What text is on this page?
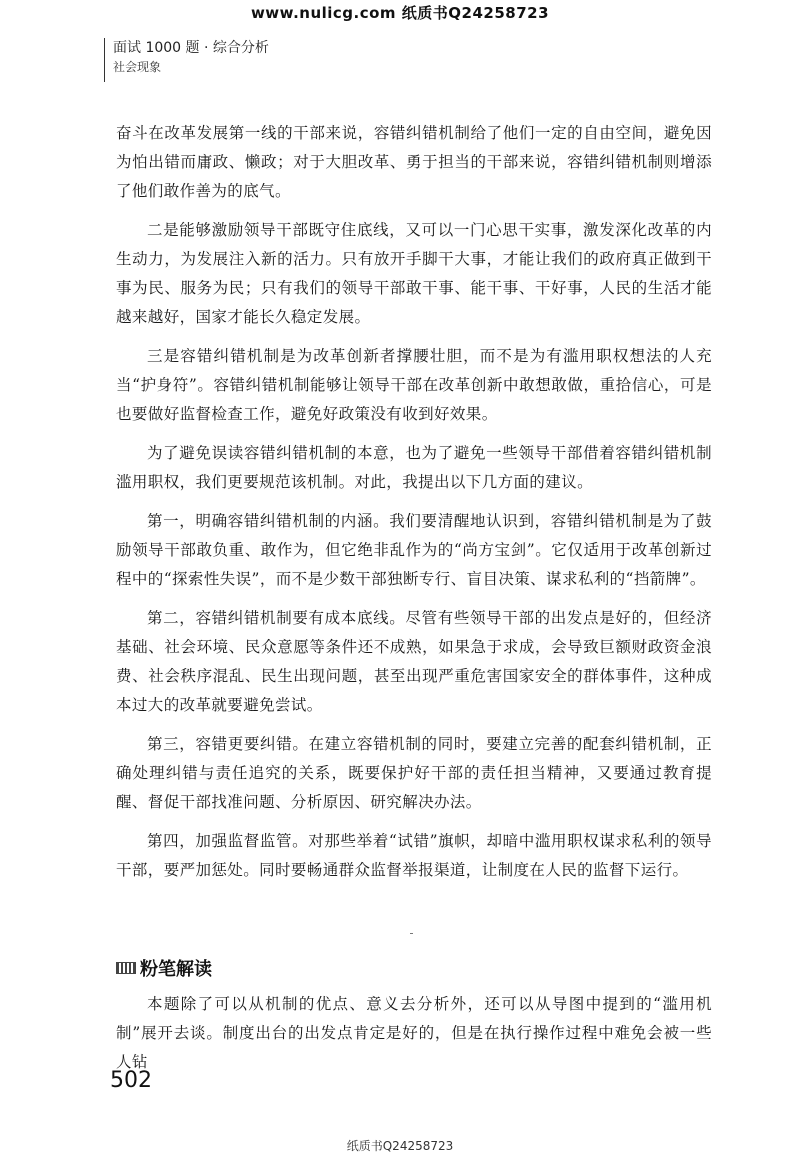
www.nulicg.com 纸质书Q24258723
面试 1000 题 · 综合分析
社会现象

奋斗在改革发展第一线的干部来说，容错纠错机制给了他们一定的自由空间，避免因为怕出错而庸政、懒政；对于大胆改革、勇于担当的干部来说，容错纠错机制则增添了他们敢作善为的底气。

二是能够激励领导干部既守住底线，又可以一门心思干实事，激发深化改革的内生动力，为发展注入新的活力。只有放开手脚干大事，才能让我们的政府真正做到干事为民、服务为民；只有我们的领导干部敢干事、能干事、干好事，人民的生活才能越来越好，国家才能长久稳定发展。

三是容错纠错机制是为改革创新者撑腰壮胆，而不是为有滥用职权想法的人充当“护身符”。容错纠错机制能够让领导干部在改革创新中敢想敢做，重拾信心，可是也要做好监督检查工作，避免好政策没有收到好效果。

为了避免误读容错纠错机制的本意，也为了避免一些领导干部借着容错纠错机制滥用职权，我们更要规范该机制。对此，我提出以下几方面的建议。

第一，明确容错纠错机制的内涵。我们要清醒地认识到，容错纠错机制是为了鼓励领导干部敢负重、敢作为，但它绝非乱作为的“尚方宝剑”。它仅适用于改革创新过程中的“探索性失误”，而不是少数干部独断专行、盲目决策、谋求私利的“挡箭牌”。

第二，容错纠错机制要有成本底线。尽管有些领导干部的出发点是好的，但经济基础、社会环境、民众意愿等条件还不成熟，如果急于求成，会导致巨额财政资金浪费、社会秩序混乱、民生出现问题，甚至出现严重危害国家安全的群体事件，这种成本过大的改革就要避免尝试。

第三，容错更要纠错。在建立容错机制的同时，要建立完善的配套纠错机制，正确处理纠错与责任追究的关系，既要保护好干部的责任担当精神，又要通过教育提醒、督促干部找准问题、分析原因、研究解决办法。

第四，加强监督监管。对那些举着“试错”旗帜，却暗中滥用职权谋求私利的领导干部，要严加惩处。同时要畅通群众监督举报渠道，让制度在人民的监督下运行。

粉笔解读

本题除了可以从机制的优点、意义去分析外，还可以从导图中提到的“滥用机制”展开去谈。制度出台的出发点肯定是好的，但是在执行操作过程中难免会被一些人钻

502
纸质书Q24258723
